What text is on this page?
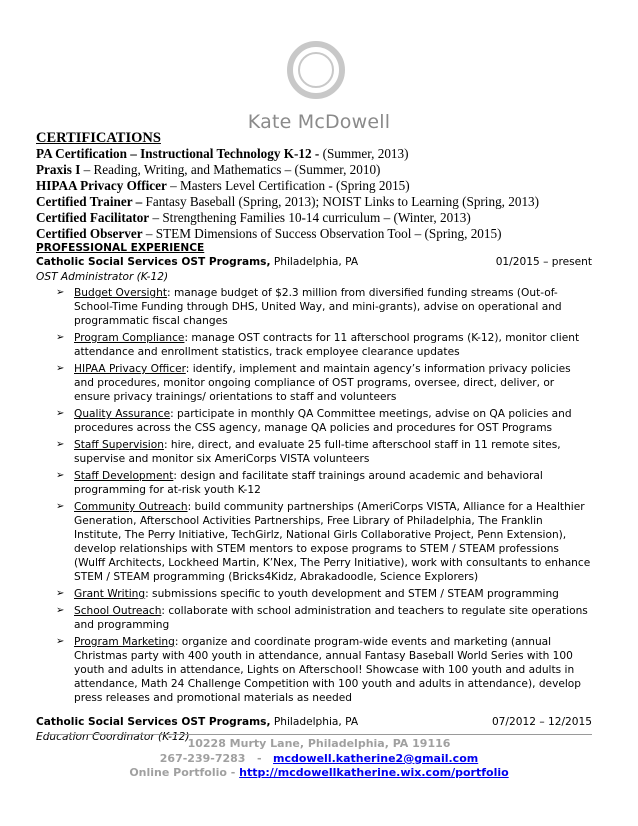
Kate McDowell
CERTIFICATIONS
PA Certification – Instructional Technology K-12 - (Summer, 2013)
Praxis I – Reading, Writing, and Mathematics – (Summer, 2010)
HIPAA Privacy Officer – Masters Level Certification - (Spring 2015)
Certified Trainer – Fantasy Baseball (Spring, 2013); NOIST Links to Learning (Spring, 2013)
Certified Facilitator – Strengthening Families 10-14 curriculum – (Winter, 2013)
Certified Observer – STEM Dimensions of Success Observation Tool – (Spring, 2015)
PROFESSIONAL EXPERIENCE
Catholic Social Services OST Programs, Philadelphia, PA	01/2015 – present
OST Administrator (K-12)
➢ Budget Oversight: manage budget of $2.3 million from diversified funding streams (Out-of-School-Time Funding through DHS, United Way, and mini-grants), advise on operational and programmatic fiscal changes
➢ Program Compliance: manage OST contracts for 11 afterschool programs (K-12), monitor client attendance and enrollment statistics, track employee clearance updates
➢ HIPAA Privacy Officer: identify, implement and maintain agency’s information privacy policies and procedures, monitor ongoing compliance of OST programs, oversee, direct, deliver, or ensure privacy trainings/ orientations to staff and volunteers
➢ Quality Assurance: participate in monthly QA Committee meetings, advise on QA policies and procedures across the CSS agency, manage QA policies and procedures for OST Programs
➢ Staff Supervision: hire, direct, and evaluate 25 full-time afterschool staff in 11 remote sites, supervise and monitor six AmeriCorps VISTA volunteers
➢ Staff Development: design and facilitate staff trainings around academic and behavioral programming for at-risk youth K-12
➢ Community Outreach: build community partnerships (AmeriCorps VISTA, Alliance for a Healthier Generation, Afterschool Activities Partnerships, Free Library of Philadelphia, The Franklin Institute, The Perry Initiative, TechGirlz, National Girls Collaborative Project, Penn Extension), develop relationships with STEM mentors to expose programs to STEM / STEAM professions (Wulff Architects, Lockheed Martin, K’Nex, The Perry Initiative), work with consultants to enhance STEM / STEAM programming (Bricks4Kidz, Abrakadoodle, Science Explorers)
➢ Grant Writing: submissions specific to youth development and STEM / STEAM programming
➢ School Outreach: collaborate with school administration and teachers to regulate site operations and programming
➢ Program Marketing: organize and coordinate program-wide events and marketing (annual Christmas party with 400 youth in attendance, annual Fantasy Baseball World Series with 100 youth and adults in attendance, Lights on Afterschool! Showcase with 100 youth and adults in attendance, Math 24 Challenge Competition with 100 youth and adults in attendance), develop press releases and promotional materials as needed
Catholic Social Services OST Programs, Philadelphia, PA	07/2012 – 12/2015
Education Coordinator (K-12)
10228 Murty Lane, Philadelphia, PA 19116
267-239-7283 - mcdowell.katherine2@gmail.com
Online Portfolio - http://mcdowellkatherine.wix.com/portfolio
